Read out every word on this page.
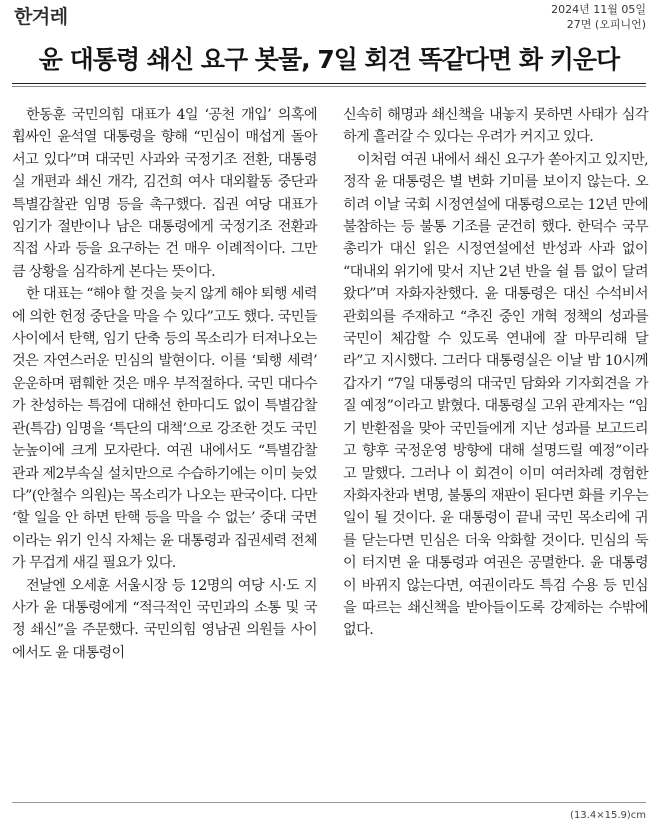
한겨레	2024년 11월 05일
27면 (오피니언)
윤 대통령 쇄신 요구 봇물, 7일 회견 똑같다면 화 키운다

한동훈 국민의힘 대표가 4일 ‘공천 개입’ 의혹에 휩싸인 윤석열 대통령을 향해 “민심이 매섭게 돌아서고 있다”며 대국민 사과와 국정기조 전환, 대통령실 개편과 쇄신 개각, 김건희 여사 대외활동 중단과 특별감찰관 임명 등을 촉구했다. 집권 여당 대표가 임기가 절반이나 남은 대통령에게 국정기조 전환과 직접 사과 등을 요구하는 건 매우 이례적이다. 그만큼 상황을 심각하게 본다는 뜻이다.

한 대표는 “해야 할 것을 늦지 않게 해야 퇴행 세력에 의한 헌정 중단을 막을 수 있다”고도 했다. 국민들 사이에서 탄핵, 임기 단축 등의 목소리가 터져나오는 것은 자연스러운 민심의 발현이다. 이를 ‘퇴행 세력’ 운운하며 폄훼한 것은 매우 부적절하다. 국민 대다수가 찬성하는 특검에 대해선 한마디도 없이 특별감찰관(특감) 임명을 ‘특단의 대책’으로 강조한 것도 국민 눈높이에 크게 모자란다. 여권 내에서도 “특별감찰관과 제2부속실 설치만으로 수습하기에는 이미 늦었다”(안철수 의원)는 목소리가 나오는 판국이다. 다만 ‘할 일을 안 하면 탄핵 등을 막을 수 없는’ 중대 국면이라는 위기 인식 자체는 윤 대통령과 집권세력 전체가 무겁게 새길 필요가 있다.

전날엔 오세훈 서울시장 등 12명의 여당 시·도 지사가 윤 대통령에게 “적극적인 국민과의 소통 및 국정 쇄신”을 주문했다. 국민의힘 영남권 의원들 사이에서도 윤 대통령이

신속히 해명과 쇄신책을 내놓지 못하면 사태가 심각하게 흘러갈 수 있다는 우려가 커지고 있다.

이처럼 여권 내에서 쇄신 요구가 쏟아지고 있지만, 정작 윤 대통령은 별 변화 기미를 보이지 않는다. 오히려 이날 국회 시정연설에 대통령으로는 12년 만에 불참하는 등 불통 기조를 굳건히 했다. 한덕수 국무총리가 대신 읽은 시정연설에선 반성과 사과 없이 “대내외 위기에 맞서 지난 2년 반을 쉴 틈 없이 달려왔다”며 자화자찬했다. 윤 대통령은 대신 수석비서관회의를 주재하고 “추진 중인 개혁 정책의 성과를 국민이 체감할 수 있도록 연내에 잘 마무리해 달라”고 지시했다. 그러다 대통령실은 이날 밤 10시께 갑자기 “7일 대통령의 대국민 담화와 기자회견을 가질 예정”이라고 밝혔다. 대통령실 고위 관계자는 “임기 반환점을 맞아 국민들에게 지난 성과를 보고드리고 향후 국정운영 방향에 대해 설명드릴 예정”이라고 말했다. 그러나 이 회견이 이미 여러차례 경험한 자화자찬과 변명, 불통의 재판이 된다면 화를 키우는 일이 될 것이다. 윤 대통령이 끝내 국민 목소리에 귀를 닫는다면 민심은 더욱 악화할 것이다. 민심의 둑이 터지면 윤 대통령과 여권은 공멸한다. 윤 대통령이 바뀌지 않는다면, 여권이라도 특검 수용 등 민심을 따르는 쇄신책을 받아들이도록 강제하는 수밖에 없다.

(13.4×15.9)cm
